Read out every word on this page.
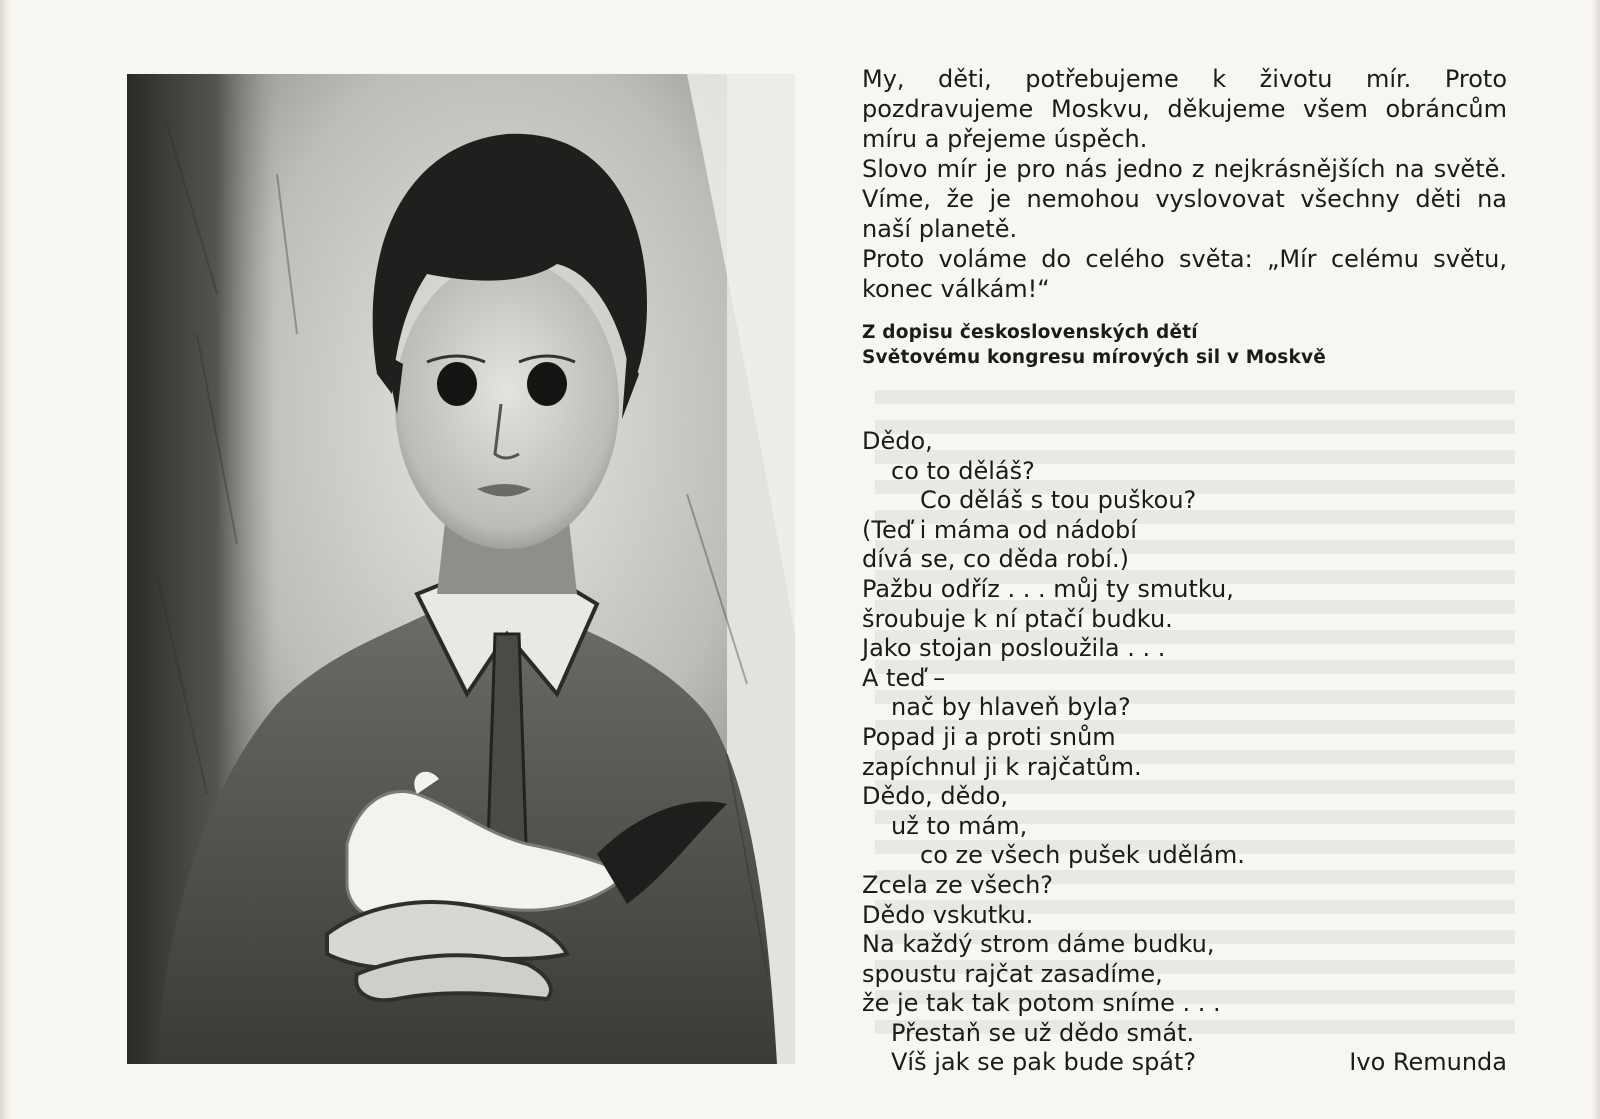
My, děti, potřebujeme k životu mír. Proto pozdravujeme Moskvu, děkujeme všem obráncům míru a přejeme úspěch.
Slovo mír je pro nás jedno z nejkrásnějších na světě. Víme, že je nemohou vyslovovat všechny děti na naší planetě.
Proto voláme do celého světa: „Mír celému světu, konec válkám!“
Z dopisu československých dětí
Světovému kongresu mírových sil v Moskvě
Dědo,
co to děláš?
Co děláš s tou puškou?
(Teď i máma od nádobí
dívá se, co děda robí.)
Pažbu odříz . . . můj ty smutku,
šroubuje k ní ptačí budku.
Jako stojan posloužila . . .
A teď –
nač by hlaveň byla?
Popad ji a proti snům
zapíchnul ji k rajčatům.
Dědo, dědo,
už to mám,
co ze všech pušek udělám.
Zcela ze všech?
Dědo vskutku.
Na každý strom dáme budku,
spoustu rajčat zasadíme,
že je tak tak potom snímе . . .
Přestaň se už dědo smát.
Víš jak se pak bude spát?	Ivo Remunda
